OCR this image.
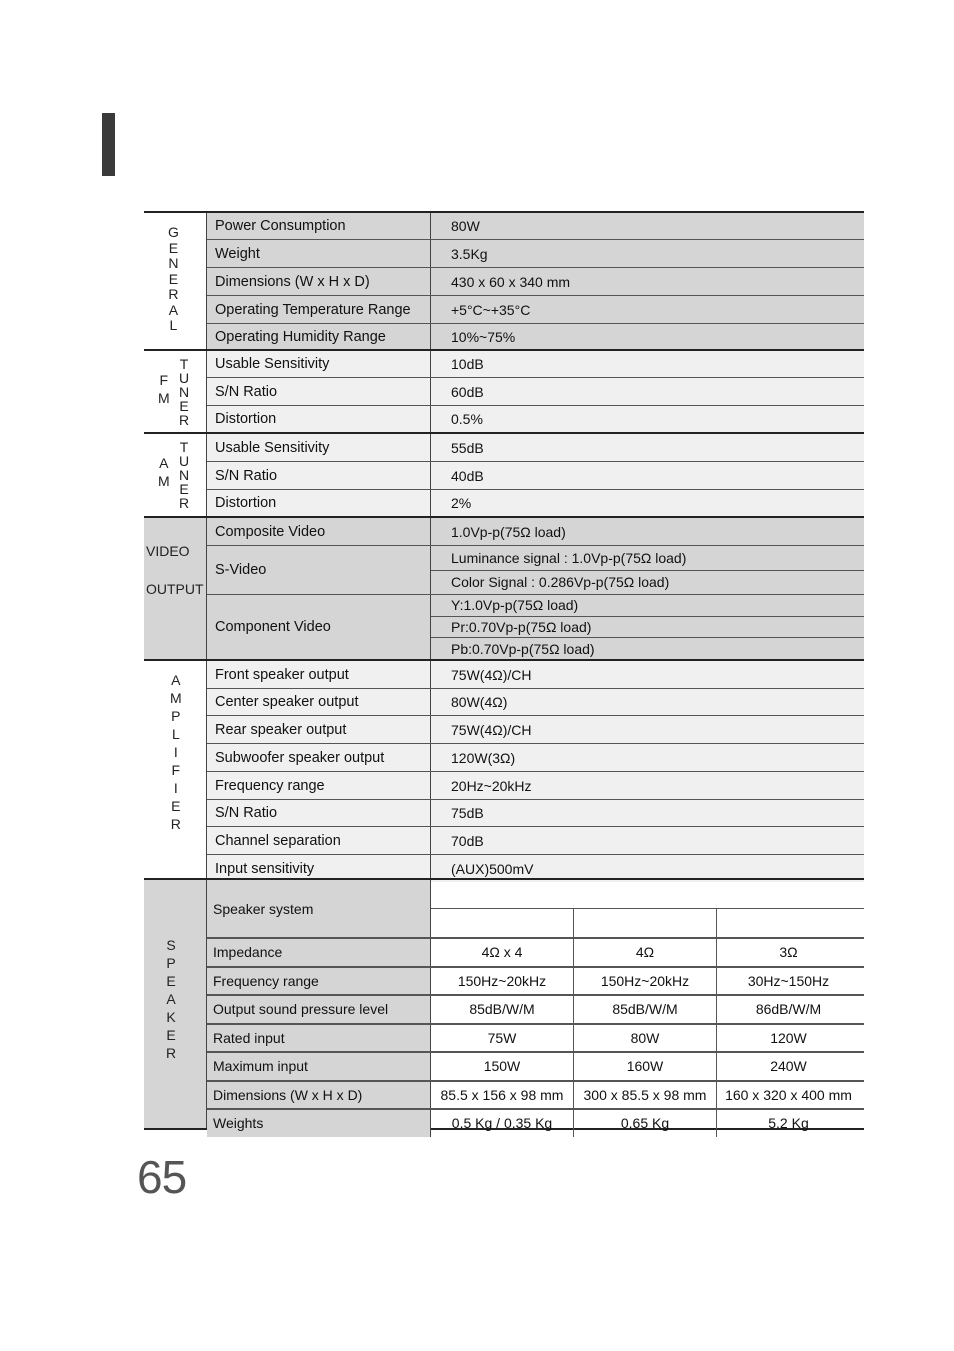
G
E
N
E
R
A
L
Power Consumption	80W
Weight	3.5Kg
Dimensions (W x H x D)	430 x 60 x 340 mm
Operating Temperature Range	+5°C~+35°C
Operating Humidity Range	10%~75%
F
M
T
U
N
E
R
Usable Sensitivity	10dB
S/N Ratio	60dB
Distortion	0.5%
A
M
T
U
N
E
R
Usable Sensitivity	55dB
S/N Ratio	40dB
Distortion	2%
VIDEO
OUTPUT
Composite Video	1.0Vp-p(75Ω load)
S-Video
Luminance signal : 1.0Vp-p(75Ω load)
Color Signal : 0.286Vp-p(75Ω load)
Component Video
Y:1.0Vp-p(75Ω load)
Pr:0.70Vp-p(75Ω load)
Pb:0.70Vp-p(75Ω load)
A
M
P
L
I
F
I
E
R
Front speaker output	75W(4Ω)/CH
Center speaker output	80W(4Ω)
Rear speaker output	75W(4Ω)/CH
Subwoofer speaker output	120W(3Ω)
Frequency range	20Hz~20kHz
S/N Ratio	75dB
Channel separation	70dB
Input sensitivity	(AUX)500mV
S
P
E
A
K
E
R
Speaker system
Impedance	4Ω x 4	4Ω	3Ω
Frequency range	150Hz~20kHz	150Hz~20kHz	30Hz~150Hz
Output sound pressure level	85dB/W/M	85dB/W/M	86dB/W/M
Rated input	75W	80W	120W
Maximum input	150W	160W	240W
Dimensions (W x H x D)	85.5 x 156 x 98 mm	300 x 85.5 x 98 mm	160 x 320 x 400 mm
Weights	0.5 Kg / 0.35 Kg	0.65 Kg	5.2 Kg
65
